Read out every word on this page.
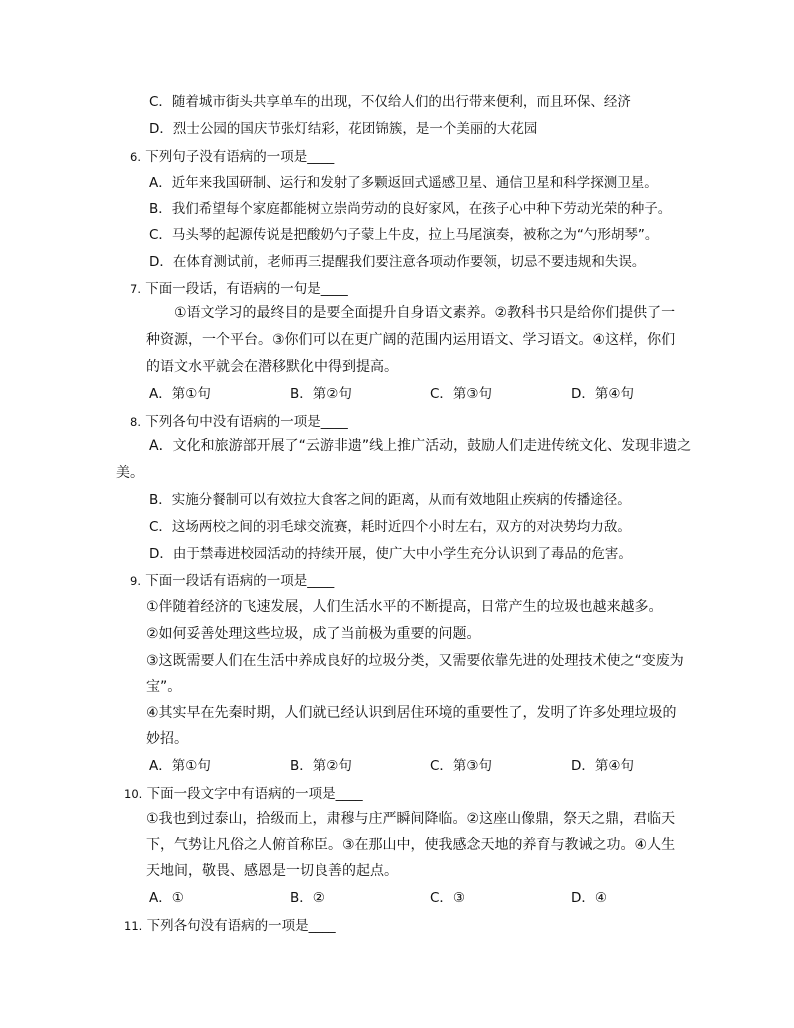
C．随着城市街头共享单车的出现，不仅给人们的出行带来便利，而且环保、经济
D．烈士公园的国庆节张灯结彩，花团锦簇，是一个美丽的大花园
6. 下列句子没有语病的一项是____
A．近年来我国研制、运行和发射了多颗返回式遥感卫星、通信卫星和科学探测卫星。
B．我们希望每个家庭都能树立崇尚劳动的良好家风，在孩子心中种下劳动光荣的种子。
C．马头琴的起源传说是把酸奶勺子蒙上牛皮，拉上马尾演奏，被称之为“勺形胡琴”。
D．在体育测试前，老师再三提醒我们要注意各项动作要领，切忌不要违规和失误。
7. 下面一段话，有语病的一句是____
①语文学习的最终目的是要全面提升自身语文素养。②教科书只是给你们提供了一
种资源，一个平台。③你们可以在更广阔的范围内运用语文、学习语文。④这样，你们
的语文水平就会在潜移默化中得到提高。
A．第①句	B．第②句	C．第③句	D．第④句
8. 下列各句中没有语病的一项是____
A．文化和旅游部开展了“云游非遗”线上推广活动，鼓励人们走进传统文化、发现非遗之
美。
B．实施分餐制可以有效拉大食客之间的距离，从而有效地阻止疾病的传播途径。
C．这场两校之间的羽毛球交流赛，耗时近四个小时左右，双方的对决势均力敌。
D．由于禁毒进校园活动的持续开展，使广大中小学生充分认识到了毒品的危害。
9. 下面一段话有语病的一项是____
①伴随着经济的飞速发展，人们生活水平的不断提高，日常产生的垃圾也越来越多。
②如何妥善处理这些垃圾，成了当前极为重要的问题。
③这既需要人们在生活中养成良好的垃圾分类，又需要依靠先进的处理技术使之“变废为
宝”。
④其实早在先秦时期，人们就已经认识到居住环境的重要性了，发明了许多处理垃圾的
妙招。
A．第①句	B．第②句	C．第③句	D．第④句
10. 下面一段文字中有语病的一项是____
①我也到过泰山，拾级而上，肃穆与庄严瞬间降临。②这座山像鼎，祭天之鼎，君临天
下，气势让凡俗之人俯首称臣。③在那山中，使我感念天地的养育与教诫之功。④人生
天地间，敬畏、感恩是一切良善的起点。
A．①	B．②	C．③	D．④
11. 下列各句没有语病的一项是____
